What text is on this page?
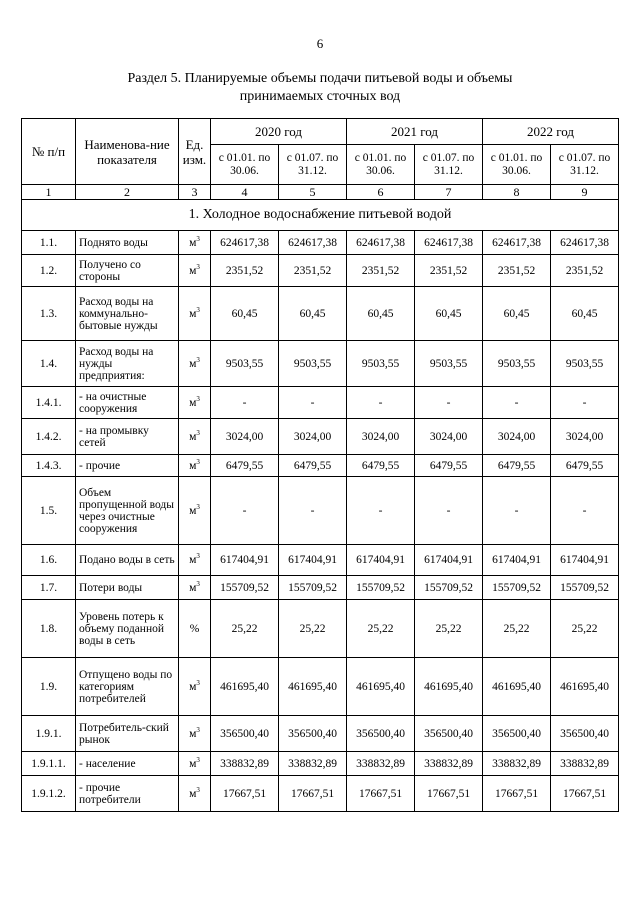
6
Раздел 5. Планируемые объемы подачи питьевой воды и объемы
принимаемых сточных вод
№ п/п	Наименова-ние показателя	Ед. изм.	2020 год		2021 год		2022 год	
			с 01.01. по 30.06.	с 01.07. по 31.12.	с 01.01. по 30.06.	с 01.07. по 31.12.	с 01.01. по 30.06.	с 01.07. по 31.12.
1	2	3	4	5	6	7	8	9
1. Холодное водоснабжение питьевой водой								
1.1.	Поднято воды	$м^3$	624617,38	624617,38	624617,38	624617,38	624617,38	624617,38
1.2.	Получено со стороны	$м^3$	2351,52	2351,52	2351,52	2351,52	2351,52	2351,52
1.3.	Расход воды на коммунально-бытовые нужды	$м^3$	60,45	60,45	60,45	60,45	60,45	60,45
1.4.	Расход воды на нужды предприятия:	$м^3$	9503,55	9503,55	9503,55	9503,55	9503,55	9503,55
1.4.1.	- на очистные сооружения	$м^3$	-	-	-	-	-	-
1.4.2.	- на промывку сетей	$м^3$	3024,00	3024,00	3024,00	3024,00	3024,00	3024,00
1.4.3.	- прочие	$м^3$	6479,55	6479,55	6479,55	6479,55	6479,55	6479,55
1.5.	Объем пропущенной воды через очистные сооружения	$м^3$	-	-	-	-	-	-
1.6.	Подано воды в сеть	$м^3$	617404,91	617404,91	617404,91	617404,91	617404,91	617404,91
1.7.	Потери воды	$м^3$	155709,52	155709,52	155709,52	155709,52	155709,52	155709,52
1.8.	Уровень потерь к объему поданной воды в сеть	%	25,22	25,22	25,22	25,22	25,22	25,22
1.9.	Отпущено воды по категориям потребителей	$м^3$	461695,40	461695,40	461695,40	461695,40	461695,40	461695,40
1.9.1.	Потребитель-ский рынок	$м^3$	356500,40	356500,40	356500,40	356500,40	356500,40	356500,40
1.9.1.1.	- население	$м^3$	338832,89	338832,89	338832,89	338832,89	338832,89	338832,89
1.9.1.2.	- прочие потребители	$м^3$	17667,51	17667,51	17667,51	17667,51	17667,51	17667,51
